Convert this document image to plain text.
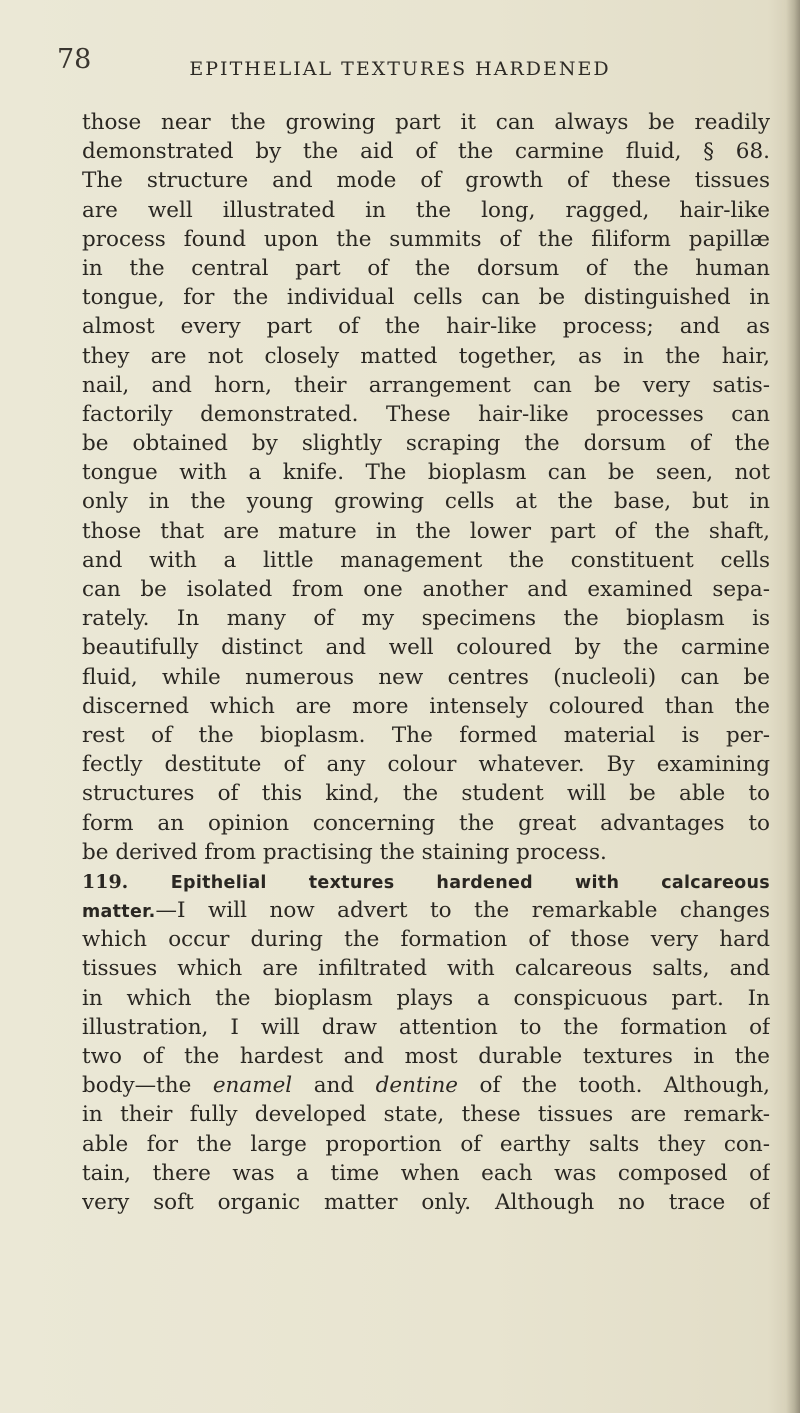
78	EPITHELIAL TEXTURES HARDENED
those near the growing part it can always be readily
demonstrated by the aid of the carmine fluid, § 68.
The structure and mode of growth of these tissues
are well illustrated in the long, ragged, hair-like
process found upon the summits of the filiform papillæ
in the central part of the dorsum of the human
tongue, for the individual cells can be distinguished in
almost every part of the hair-like process; and as
they are not closely matted together, as in the hair,
nail, and horn, their arrangement can be very satis-
factorily demonstrated. These hair-like processes can
be obtained by slightly scraping the dorsum of the
tongue with a knife. The bioplasm can be seen, not
only in the young growing cells at the base, but in
those that are mature in the lower part of the shaft,
and with a little management the constituent cells
can be isolated from one another and examined sepa-
rately. In many of my specimens the bioplasm is
beautifully distinct and well coloured by the carmine
fluid, while numerous new centres (nucleoli) can be
discerned which are more intensely coloured than the
rest of the bioplasm. The formed material is per-
fectly destitute of any colour whatever. By examining
structures of this kind, the student will be able to
form an opinion concerning the great advantages to
be derived from practising the staining process.
119. Epithelial textures hardened with calcareous
matter.—I will now advert to the remarkable changes
which occur during the formation of those very hard
tissues which are infiltrated with calcareous salts, and
in which the bioplasm plays a conspicuous part. In
illustration, I will draw attention to the formation of
two of the hardest and most durable textures in the
body—the enamel and dentine of the tooth. Although,
in their fully developed state, these tissues are remark-
able for the large proportion of earthy salts they con-
tain, there was a time when each was composed of
very soft organic matter only. Although no trace of
